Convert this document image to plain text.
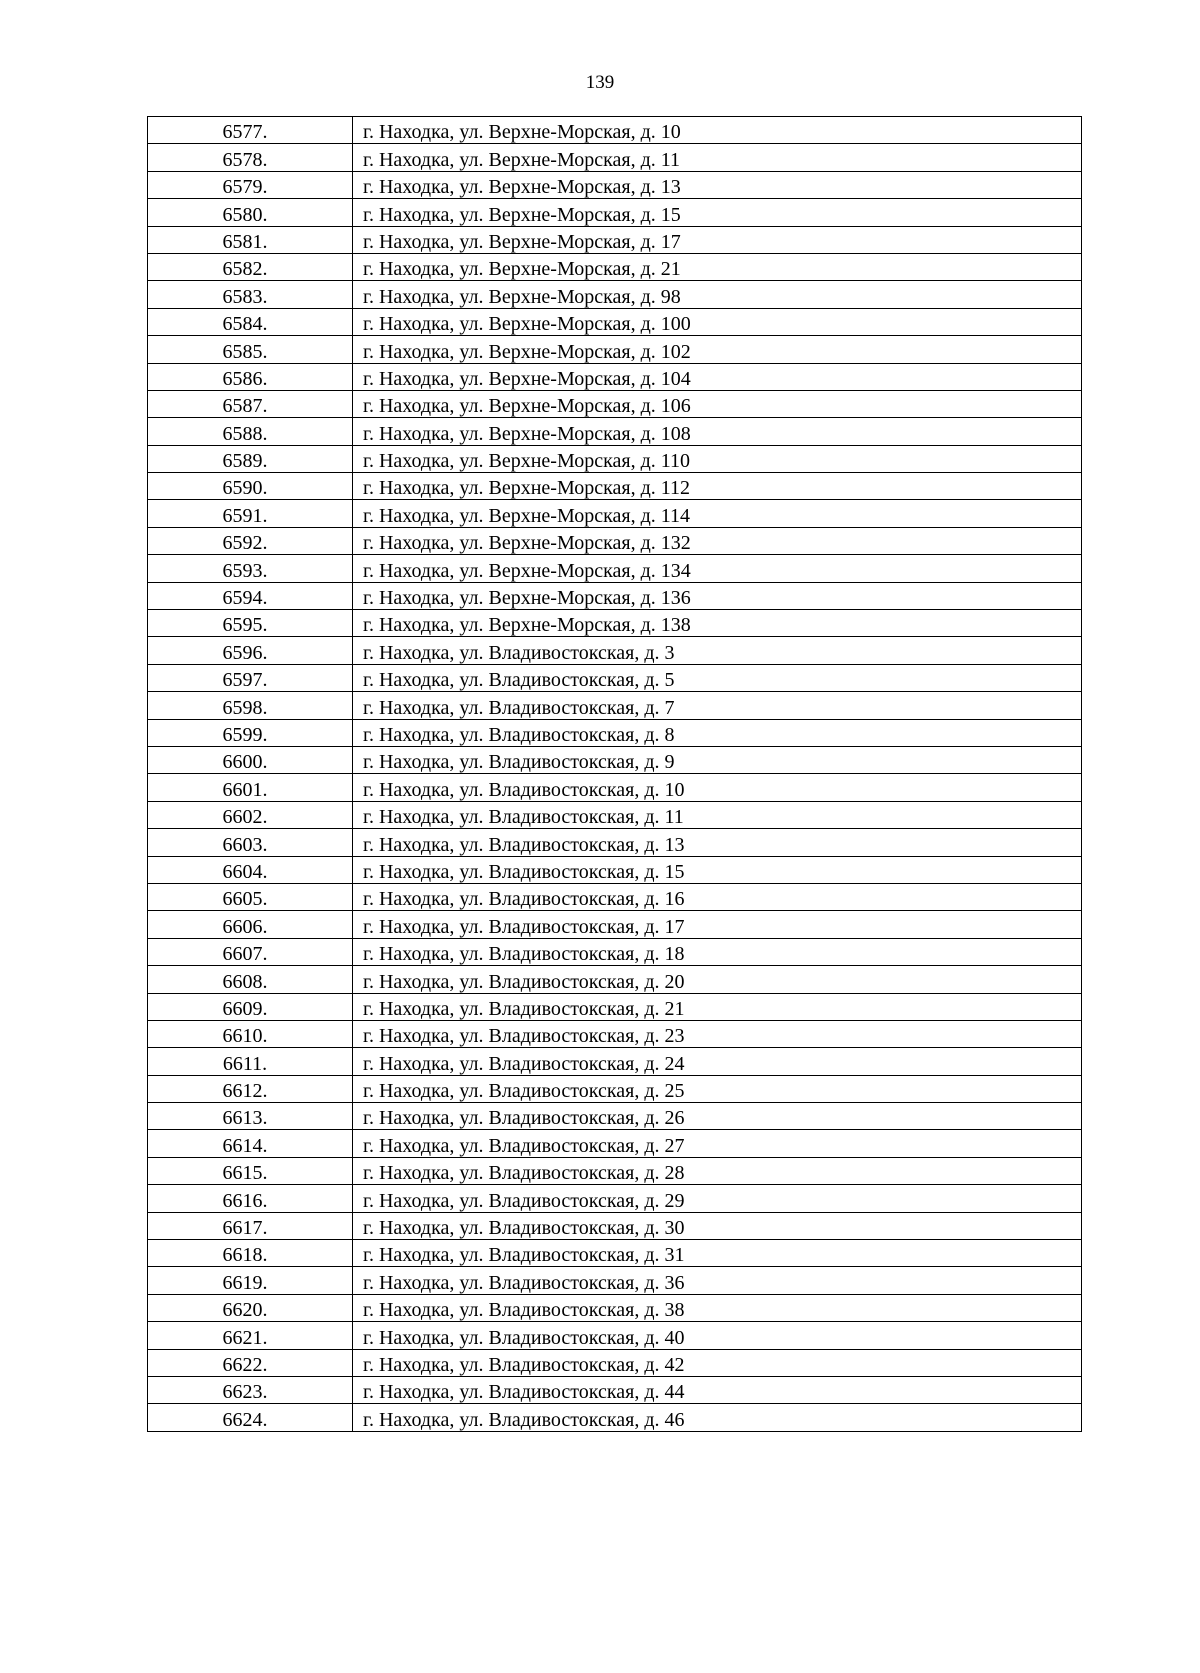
139
6577.	г. Находка, ул. Верхне-Морская, д. 10
6578.	г. Находка, ул. Верхне-Морская, д. 11
6579.	г. Находка, ул. Верхне-Морская, д. 13
6580.	г. Находка, ул. Верхне-Морская, д. 15
6581.	г. Находка, ул. Верхне-Морская, д. 17
6582.	г. Находка, ул. Верхне-Морская, д. 21
6583.	г. Находка, ул. Верхне-Морская, д. 98
6584.	г. Находка, ул. Верхне-Морская, д. 100
6585.	г. Находка, ул. Верхне-Морская, д. 102
6586.	г. Находка, ул. Верхне-Морская, д. 104
6587.	г. Находка, ул. Верхне-Морская, д. 106
6588.	г. Находка, ул. Верхне-Морская, д. 108
6589.	г. Находка, ул. Верхне-Морская, д. 110
6590.	г. Находка, ул. Верхне-Морская, д. 112
6591.	г. Находка, ул. Верхне-Морская, д. 114
6592.	г. Находка, ул. Верхне-Морская, д. 132
6593.	г. Находка, ул. Верхне-Морская, д. 134
6594.	г. Находка, ул. Верхне-Морская, д. 136
6595.	г. Находка, ул. Верхне-Морская, д. 138
6596.	г. Находка, ул. Владивостокская, д. 3
6597.	г. Находка, ул. Владивостокская, д. 5
6598.	г. Находка, ул. Владивостокская, д. 7
6599.	г. Находка, ул. Владивостокская, д. 8
6600.	г. Находка, ул. Владивостокская, д. 9
6601.	г. Находка, ул. Владивостокская, д. 10
6602.	г. Находка, ул. Владивостокская, д. 11
6603.	г. Находка, ул. Владивостокская, д. 13
6604.	г. Находка, ул. Владивостокская, д. 15
6605.	г. Находка, ул. Владивостокская, д. 16
6606.	г. Находка, ул. Владивостокская, д. 17
6607.	г. Находка, ул. Владивостокская, д. 18
6608.	г. Находка, ул. Владивостокская, д. 20
6609.	г. Находка, ул. Владивостокская, д. 21
6610.	г. Находка, ул. Владивостокская, д. 23
6611.	г. Находка, ул. Владивостокская, д. 24
6612.	г. Находка, ул. Владивостокская, д. 25
6613.	г. Находка, ул. Владивостокская, д. 26
6614.	г. Находка, ул. Владивостокская, д. 27
6615.	г. Находка, ул. Владивостокская, д. 28
6616.	г. Находка, ул. Владивостокская, д. 29
6617.	г. Находка, ул. Владивостокская, д. 30
6618.	г. Находка, ул. Владивостокская, д. 31
6619.	г. Находка, ул. Владивостокская, д. 36
6620.	г. Находка, ул. Владивостокская, д. 38
6621.	г. Находка, ул. Владивостокская, д. 40
6622.	г. Находка, ул. Владивостокская, д. 42
6623.	г. Находка, ул. Владивостокская, д. 44
6624.	г. Находка, ул. Владивостокская, д. 46
